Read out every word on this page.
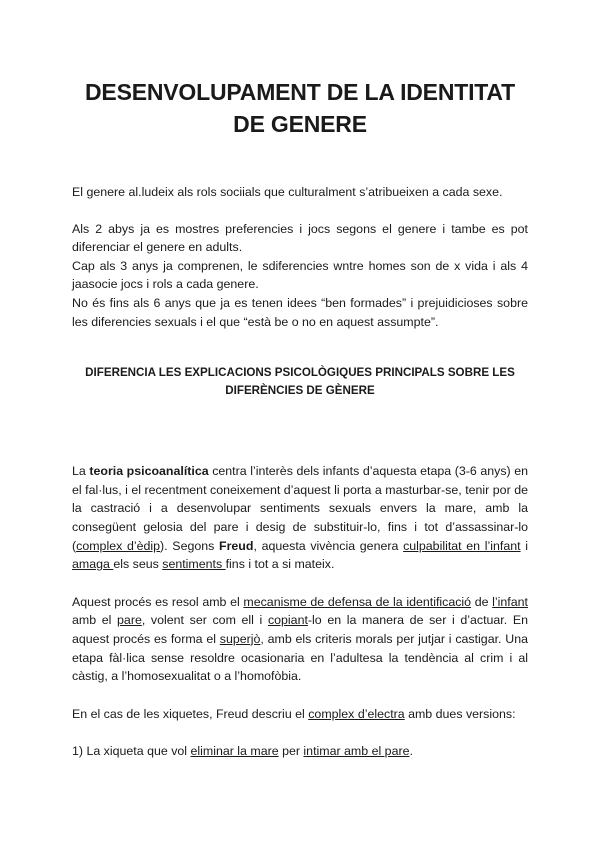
DESENVOLUPAMENT DE LA IDENTITAT
DE GENERE

El genere al.ludeix als rols sociials que culturalment s’atribueixen a cada sexe.

Als 2 abys ja es mostres preferencies i jocs segons el genere i tambe es pot diferenciar el genere en adults.

Cap als 3 anys ja comprenen, le sdiferencies wntre homes son de x vida i als 4 jaasocie jocs i rols a cada genere.

No és fins als 6 anys que ja es tenen idees “ben formades” i prejuidicioses sobre les diferencies sexuals i el que “està be o no en aquest assumpte”.

DIFERENCIA LES EXPLICACIONS PSICOLÒGIQUES PRINCIPALS SOBRE LES
DIFERÈNCIES DE GÈNERE

La teoria psicoanalítica centra l’interès dels infants d’aquesta etapa (3-6 anys) en el fal·lus, i el recentment coneixement d’aquest li porta a masturbar-se, tenir por de la castració i a desenvolupar sentiments sexuals envers la mare, amb la consegüent gelosia del pare i desig de substituir-lo, fins i tot d’assassinar-lo (complex d’èdip). Segons Freud, aquesta vivència genera culpabilitat en l’infant i amaga els seus sentiments fins i tot a si mateix.

Aquest procés es resol amb el mecanisme de defensa de la identificació de l’infant amb el pare, volent ser com ell i copiant-lo en la manera de ser i d’actuar. En aquest procés es forma el superjò, amb els criteris morals per jutjar i castigar. Una etapa fàl·lica sense resoldre ocasionaria en l’adultesa la tendència al crim i al càstig, a l’homosexualitat o a l’homofòbia.

En el cas de les xiquetes, Freud descriu el complex d’electra amb dues versions:

1) La xiqueta que vol eliminar la mare per intimar amb el pare.
